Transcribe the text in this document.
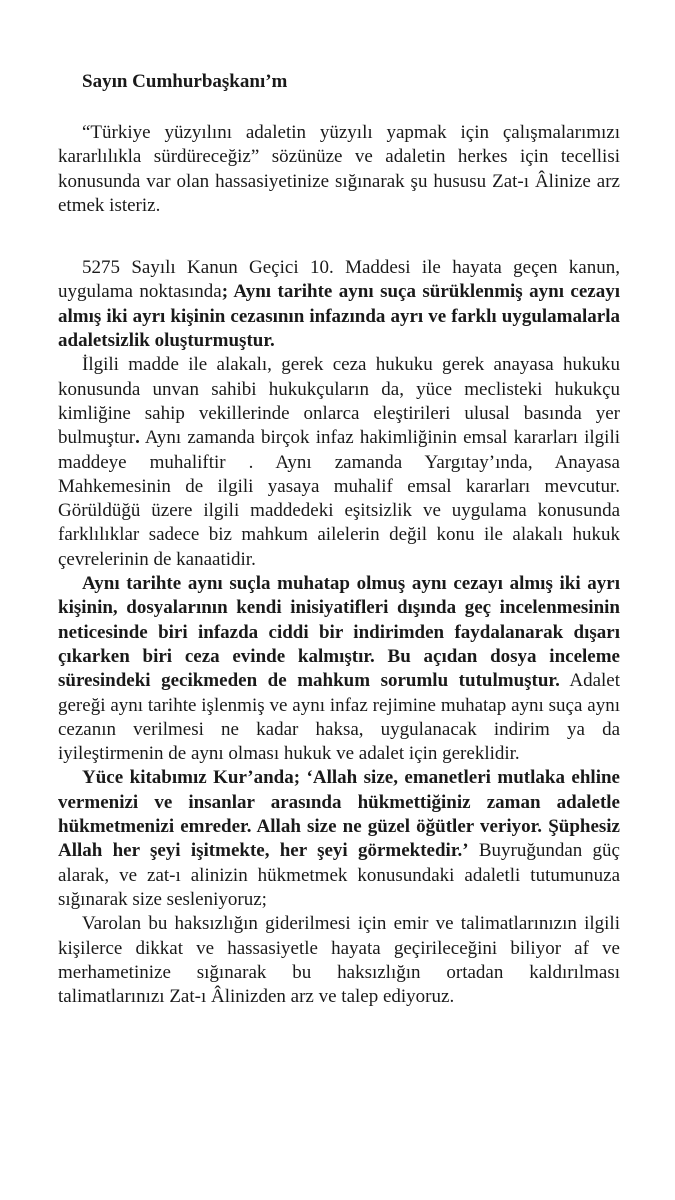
Sayın Cumhurbaşkanı’m

“Türkiye yüzyılını adaletin yüzyılı yapmak için çalışmalarımızı kararlılıkla sürdüreceğiz” sözünüze ve adaletin herkes için tecellisi konusunda var olan hassasiyetinize sığınarak şu hususu Zat-ı Âlinize arz etmek isteriz.

5275 Sayılı Kanun Geçici 10. Maddesi ile hayata geçen kanun, uygulama noktasında; Aynı tarihte aynı suça sürüklenmiş aynı cezayı almış iki ayrı kişinin cezasının infazında ayrı ve farklı uygulamalarla adaletsizlik oluşturmuştur.

İlgili madde ile alakalı, gerek ceza hukuku gerek anayasa hukuku konusunda unvan sahibi hukukçuların da, yüce meclisteki hukukçu kimliğine sahip vekillerinde onlarca eleştirileri ulusal basında yer bulmuştur. Aynı zamanda birçok infaz hakimliğinin emsal kararları ilgili maddeye muhaliftir . Aynı zamanda Yargıtay’ında, Anayasa Mahkemesinin de ilgili yasaya muhalif emsal kararları mevcutur. Görüldüğü üzere ilgili maddedeki eşitsizlik ve uygulama konusunda farklılıklar sadece biz mahkum ailelerin değil konu ile alakalı hukuk çevrelerinin de kanaatidir.

Aynı tarihte aynı suçla muhatap olmuş aynı cezayı almış iki ayrı kişinin, dosyalarının kendi inisiyatifleri dışında geç incelenmesinin neticesinde biri infazda ciddi bir indirimden faydalanarak dışarı çıkarken biri ceza evinde kalmıştır. Bu açıdan dosya inceleme süresindeki gecikmeden de mahkum sorumlu tutulmuştur. Adalet gereği aynı tarihte işlenmiş ve aynı infaz rejimine muhatap aynı suça aynı cezanın verilmesi ne kadar haksa, uygulanacak indirim ya da iyileştirmenin de aynı olması hukuk ve adalet için gereklidir.

Yüce kitabımız Kur’anda; ‘Allah size, emanetleri mutlaka ehline vermenizi ve insanlar arasında hükmettiğiniz zaman adaletle hükmetmenizi emreder. Allah size ne güzel öğütler veriyor. Şüphesiz Allah her şeyi işitmekte, her şeyi görmektedir.’ Buyruğundan güç alarak, ve zat-ı alinizin hükmetmek konusundaki adaletli tutumunuza sığınarak size sesleniyoruz;

Varolan bu haksızlığın giderilmesi için emir ve talimatlarınızın ilgili kişilerce dikkat ve hassasiyetle hayata geçirileceğini biliyor af ve merhametinize sığınarak bu haksızlığın ortadan kaldırılması talimatlarınızı Zat-ı Âlinizden arz ve talep ediyoruz.
